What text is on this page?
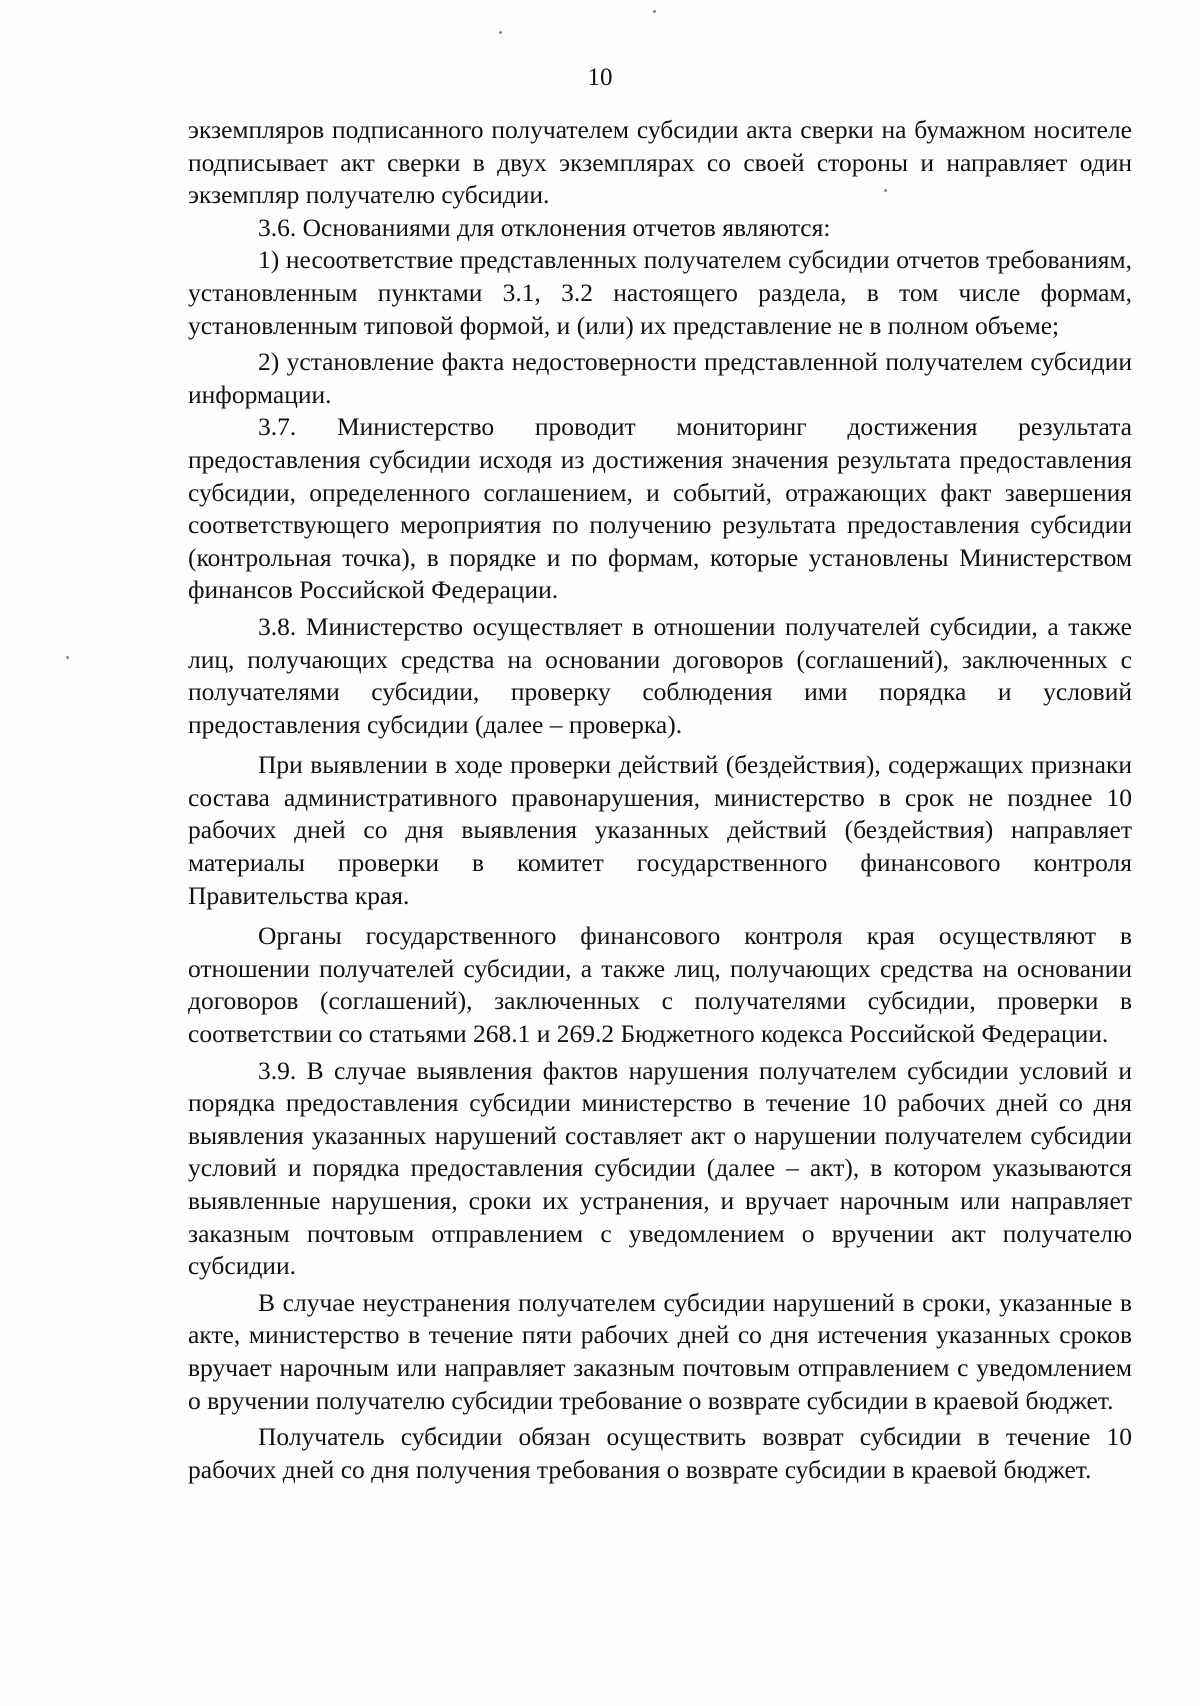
10

экземпляров подписанного получателем субсидии акта сверки на бумажном носителе подписывает акт сверки в двух экземплярах со своей стороны и направляет один экземпляр получателю субсидии.

3.6. Основаниями для отклонения отчетов являются:

1) несоответствие представленных получателем субсидии отчетов требованиям, установленным пунктами 3.1, 3.2 настоящего раздела, в том числе формам, установленным типовой формой, и (или) их представление не в полном объеме;

2) установление факта недостоверности представленной получателем субсидии информации.

3.7. Министерство проводит мониторинг достижения результата предоставления субсидии исходя из достижения значения результата предоставления субсидии, определенного соглашением, и событий, отражающих факт завершения соответствующего мероприятия по получению результата предоставления субсидии (контрольная точка), в порядке и по формам, которые установлены Министерством финансов Российской Федерации.

3.8. Министерство осуществляет в отношении получателей субсидии, а также лиц, получающих средства на основании договоров (соглашений), заключенных с получателями субсидии, проверку соблюдения ими порядка и условий предоставления субсидии (далее – проверка).

При выявлении в ходе проверки действий (бездействия), содержащих признаки состава административного правонарушения, министерство в срок не позднее 10 рабочих дней со дня выявления указанных действий (бездействия) направляет материалы проверки в комитет государственного финансового контроля Правительства края.

Органы государственного финансового контроля края осуществляют в отношении получателей субсидии, а также лиц, получающих средства на основании договоров (соглашений), заключенных с получателями субсидии, проверки в соответствии со статьями 268.1 и 269.2 Бюджетного кодекса Российской Федерации.

3.9. В случае выявления фактов нарушения получателем субсидии условий и порядка предоставления субсидии министерство в течение 10 рабочих дней со дня выявления указанных нарушений составляет акт о нарушении получателем субсидии условий и порядка предоставления субсидии (далее – акт), в котором указываются выявленные нарушения, сроки их устранения, и вручает нарочным или направляет заказным почтовым отправлением с уведомлением о вручении акт получателю субсидии.

В случае неустранения получателем субсидии нарушений в сроки, указанные в акте, министерство в течение пяти рабочих дней со дня истечения указанных сроков вручает нарочным или направляет заказным почтовым отправлением с уведомлением о вручении получателю субсидии требование о возврате субсидии в краевой бюджет.

Получатель субсидии обязан осуществить возврат субсидии в течение 10 рабочих дней со дня получения требования о возврате субсидии в краевой бюджет.
